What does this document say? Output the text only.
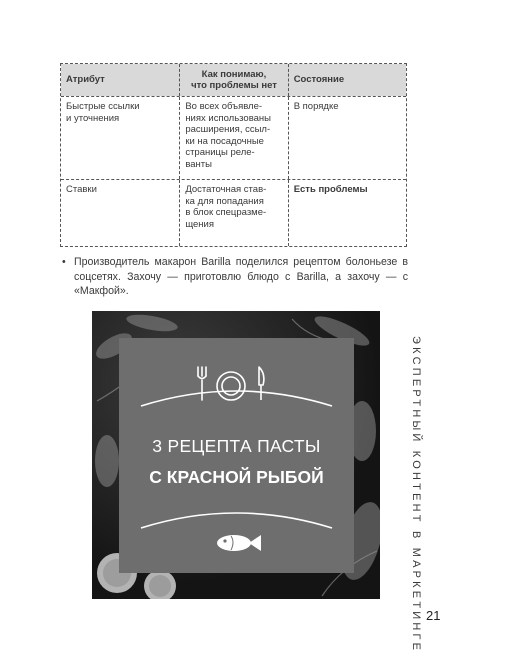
Атрибут
Как понимаю,
что проблемы нет
Состояние
Быстрые ссылки
и уточнения
Во всех объявле-
ниях использованы
расширения, ссыл-
ки на посадочные
страницы реле-
ванты
В порядке
Ставки	Достаточная став-
ка для попадания
в блок спецразме-
щения
Есть проблемы
• Производитель макарон Barilla поделился рецептом болоньезе в соцсетях. Захочу — приготовлю блюдо с Barilla, а захочу — с «Макфой».
3 РЕЦЕПТА ПАСТЫ
С КРАСНОЙ РЫБОЙ	ЭКСПЕРТНЫЙ КОНТЕНТ В МАРКЕТИНГЕ 21
